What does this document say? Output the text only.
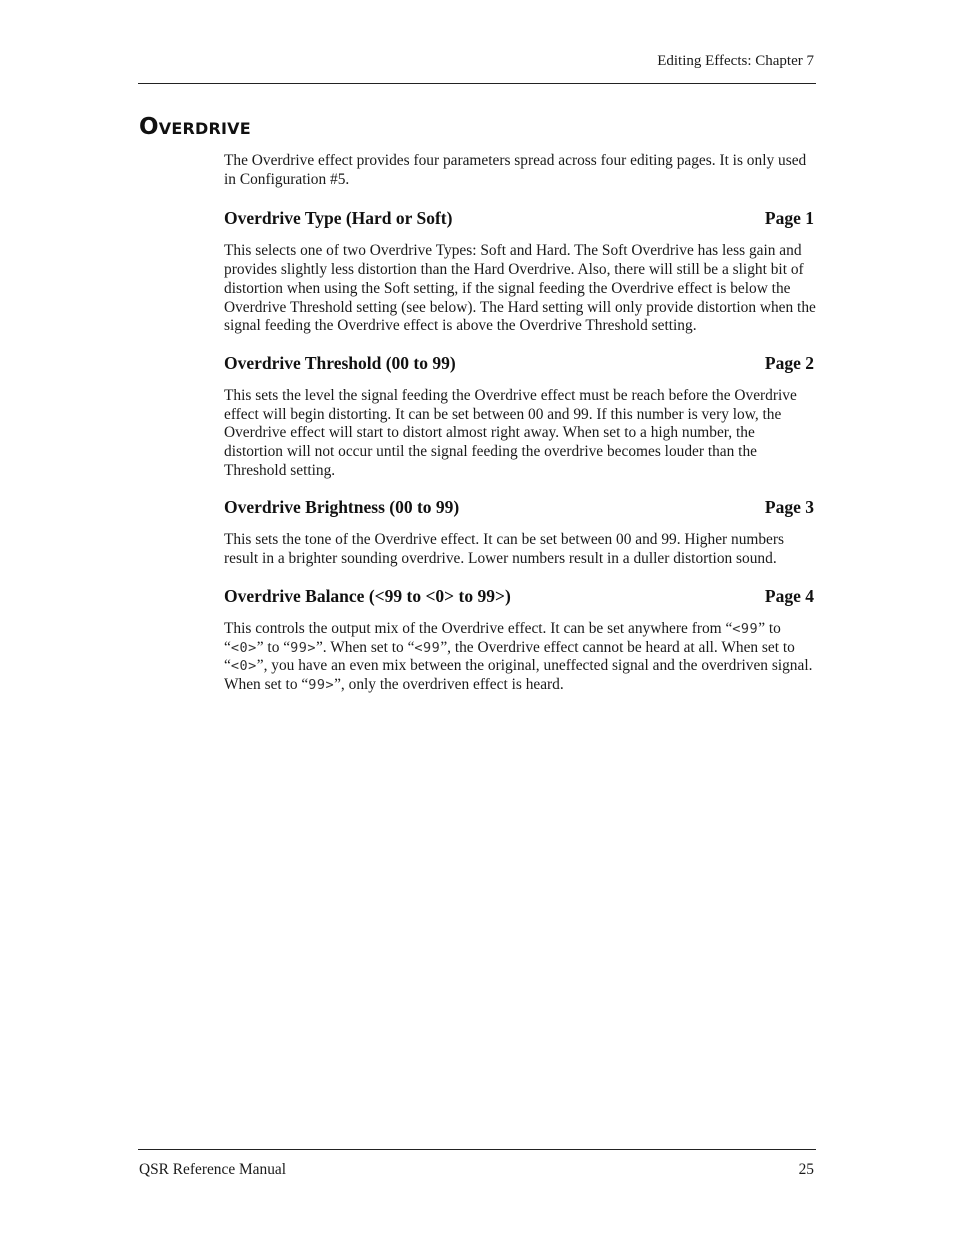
Editing Effects: Chapter 7
Overdrive

The Overdrive effect provides four parameters spread across four editing pages. It is only used in Configuration #5.

Overdrive Type (Hard or Soft)	Page 1

This selects one of two Overdrive Types: Soft and Hard. The Soft Overdrive has less gain and provides slightly less distortion than the Hard Overdrive. Also, there will still be a slight bit of distortion when using the Soft setting, if the signal feeding the Overdrive effect is below the Overdrive Threshold setting (see below). The Hard setting will only provide distortion when the signal feeding the Overdrive effect is above the Overdrive Threshold setting.

Overdrive Threshold (00 to 99)	Page 2

This sets the level the signal feeding the Overdrive effect must be reach before the Overdrive effect will begin distorting. It can be set between 00 and 99. If this number is very low, the Overdrive effect will start to distort almost right away. When set to a high number, the distortion will not occur until the signal feeding the overdrive becomes louder than the Threshold setting.

Overdrive Brightness (00 to 99)	Page 3

This sets the tone of the Overdrive effect. It can be set between 00 and 99. Higher numbers result in a brighter sounding overdrive. Lower numbers result in a duller distortion sound.

Overdrive Balance (<99 to <0> to 99>)	Page 4

This controls the output mix of the Overdrive effect. It can be set anywhere from “<99” to “<0>” to “99>”. When set to “<99”, the Overdrive effect cannot be heard at all. When set to “<0>”, you have an even mix between the original, uneffected signal and the overdriven signal. When set to “99>”, only the overdriven effect is heard.

QSR Reference Manual	25
